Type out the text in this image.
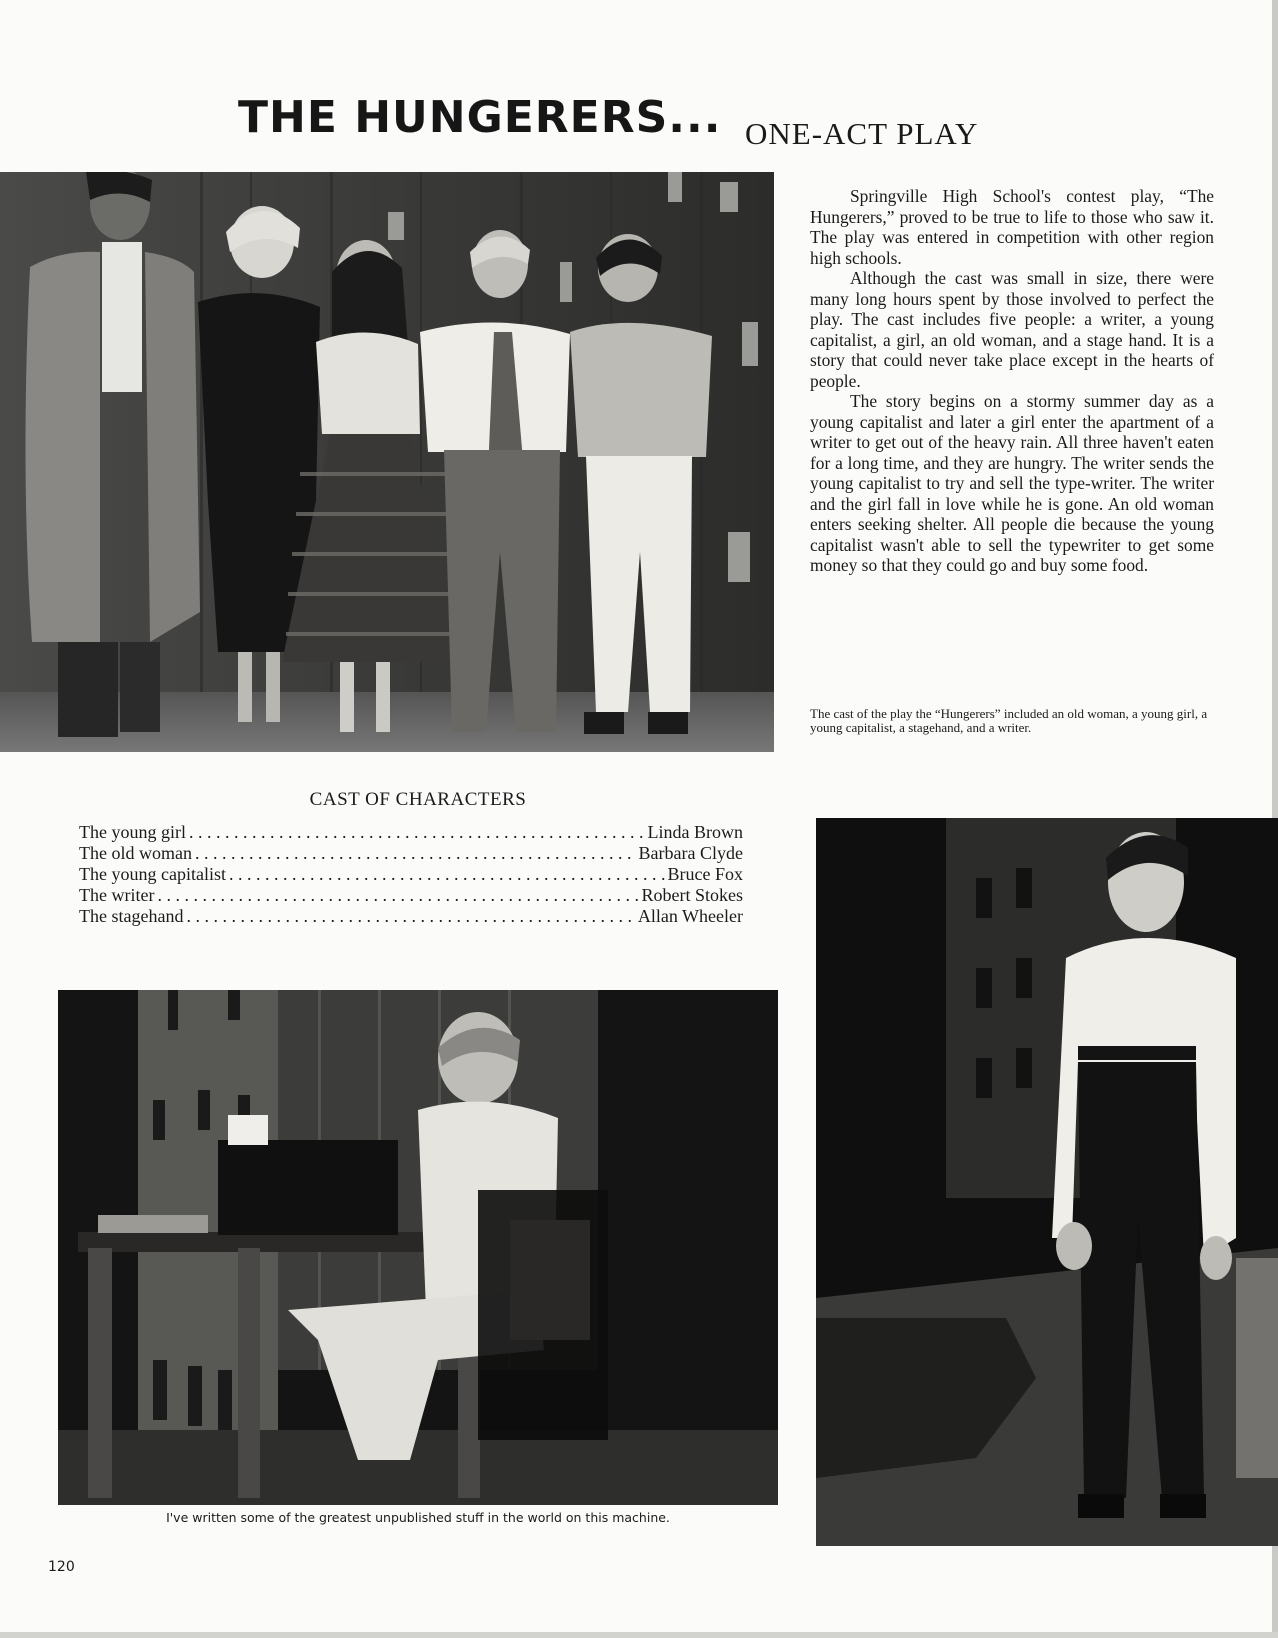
THE HUNGERERS... ONE-ACT PLAY

Springville High School's contest play, “The Hungerers,” proved to be true to life to those who saw it. The play was entered in competition with other region high schools.

Although the cast was small in size, there were many long hours spent by those involved to perfect the play. The cast includes five people: a writer, a young capitalist, a girl, an old woman, and a stage hand. It is a story that could never take place except in the hearts of people.

The story begins on a stormy summer day as a young capitalist and later a girl enter the apartment of a writer to get out of the heavy rain. All three haven't eaten for a long time, and they are hungry. The writer sends the young capitalist to try and sell the type-writer. The writer and the girl fall in love while he is gone. An old woman enters seeking shelter. All people die because the young capitalist wasn't able to sell the typewriter to get some money so that they could go and buy some food.

The cast of the play the “Hungerers” included an old woman, a young girl, a young capitalist, a stagehand, and a writer.
CAST OF CHARACTERS
The young girl . . .	Linda Brown
The old woman . . .	Barbara Clyde
The young capitalist . . .	Bruce Fox
The writer . . .	Robert Stokes
The stagehand . . .	Allan Wheeler
I've written some of the greatest unpublished stuff in the world on this machine.
120
